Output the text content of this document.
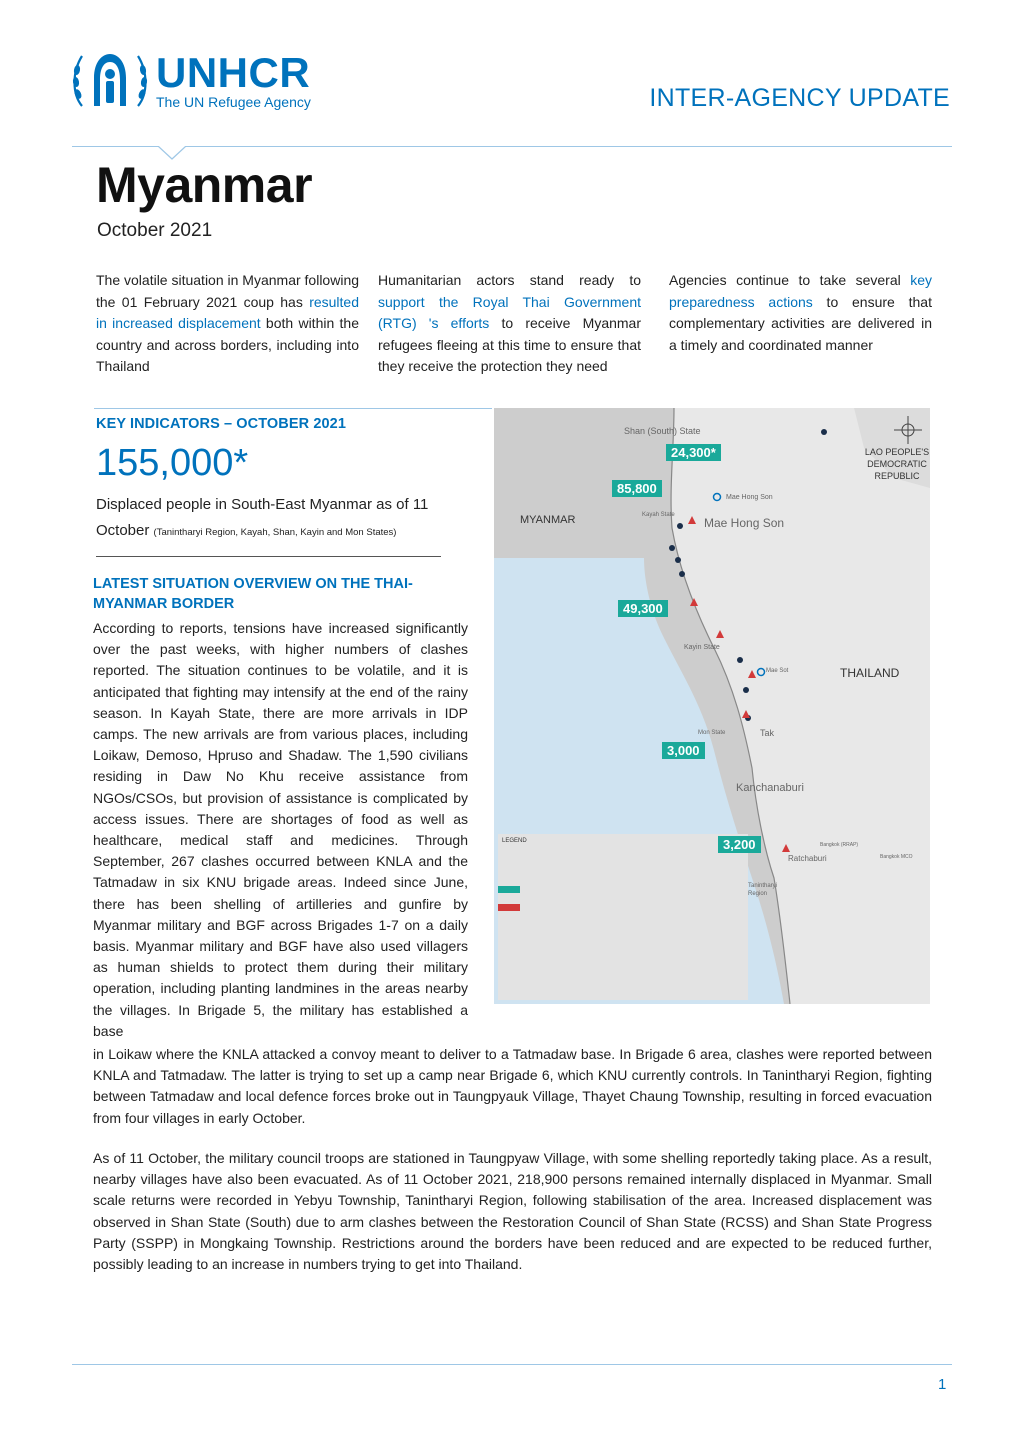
UNHCR
The UN Refugee Agency	INTER-AGENCY UPDATE
Myanmar
October 2021
The volatile situation in Myanmar following the 01 February 2021 coup has resulted in increased displacement both within the country and across borders, including into Thailand
Humanitarian actors stand ready to support the Royal Thai Government (RTG) 's efforts to receive Myanmar refugees fleeing at this time to ensure that they receive the protection they need
Agencies continue to take several key preparedness actions to ensure that complementary activities are delivered in a timely and coordinated manner
KEY INDICATORS – OCTOBER 2021
155,000*
Displaced people in South-East Myanmar as of 11 October (Tanintharyi Region, Kayah, Shan, Kayin and Mon States)
LATEST SITUATION OVERVIEW ON THE THAI-MYANMAR BORDER
According to reports, tensions have increased significantly over the past weeks, with higher numbers of clashes reported. The situation continues to be volatile, and it is anticipated that fighting may intensify at the end of the rainy season. In Kayah State, there are more arrivals in IDP camps. The new arrivals are from various places, including Loikaw, Demoso, Hpruso and Shadaw. The 1,590 civilians residing in Daw No Khu receive assistance from NGOs/CSOs, but provision of assistance is complicated by access issues. There are shortages of food as well as healthcare, medical staff and medicines. Through September, 267 clashes occurred between KNLA and the Tatmadaw in six KNU brigade areas. Indeed since June, there has been shelling of artilleries and gunfire by Myanmar military and BGF across Brigades 1-7 on a daily basis. Myanmar military and BGF have also used villagers as human shields to protect them during their military operation, including planting landmines in the areas nearby the villages. In Brigade 5, the military has established a base
in Loikaw where the KNLA attacked a convoy meant to deliver to a Tatmadaw base. In Brigade 6 area, clashes were reported between KNLA and Tatmadaw. The latter is trying to set up a camp near Brigade 6, which KNU currently controls. In Tanintharyi Region, fighting between Tatmadaw and local defence forces broke out in Taungpyauk Village, Thayet Chaung Township, resulting in forced evacuation from four villages in early October.
As of 11 October, the military council troops are stationed in Taungpyaw Village, with some shelling reportedly taking place. As a result, nearby villages have also been evacuated. As of 11 October 2021, 218,900 persons remained internally displaced in Myanmar. Small scale returns were recorded in Yebyu Township, Tanintharyi Region, following stabilisation of the area. Increased displacement was observed in Shan State (South) due to arm clashes between the Restoration Council of Shan State (RCSS) and Shan State Progress Party (SSPP) in Mongkaing Township. Restrictions around the borders have been reduced and are expected to be reduced further, possibly leading to an increase in numbers trying to get into Thailand.
Shan (South) State
MYANMAR
LAO PEOPLE'S DEMOCRATIC REPUBLIC
THAILAND
Mae Hong Son
Mae Hong Son
Kayah State
Kayin State
Mae Sot
Tak
Mon State
Kanchanaburi
Ratchaburi
Bangkok (RRAP)
Bangkok MCO
Tanintharyi Region
LEGEND
24,300*
85,800
49,300
3,000
3,200
1
